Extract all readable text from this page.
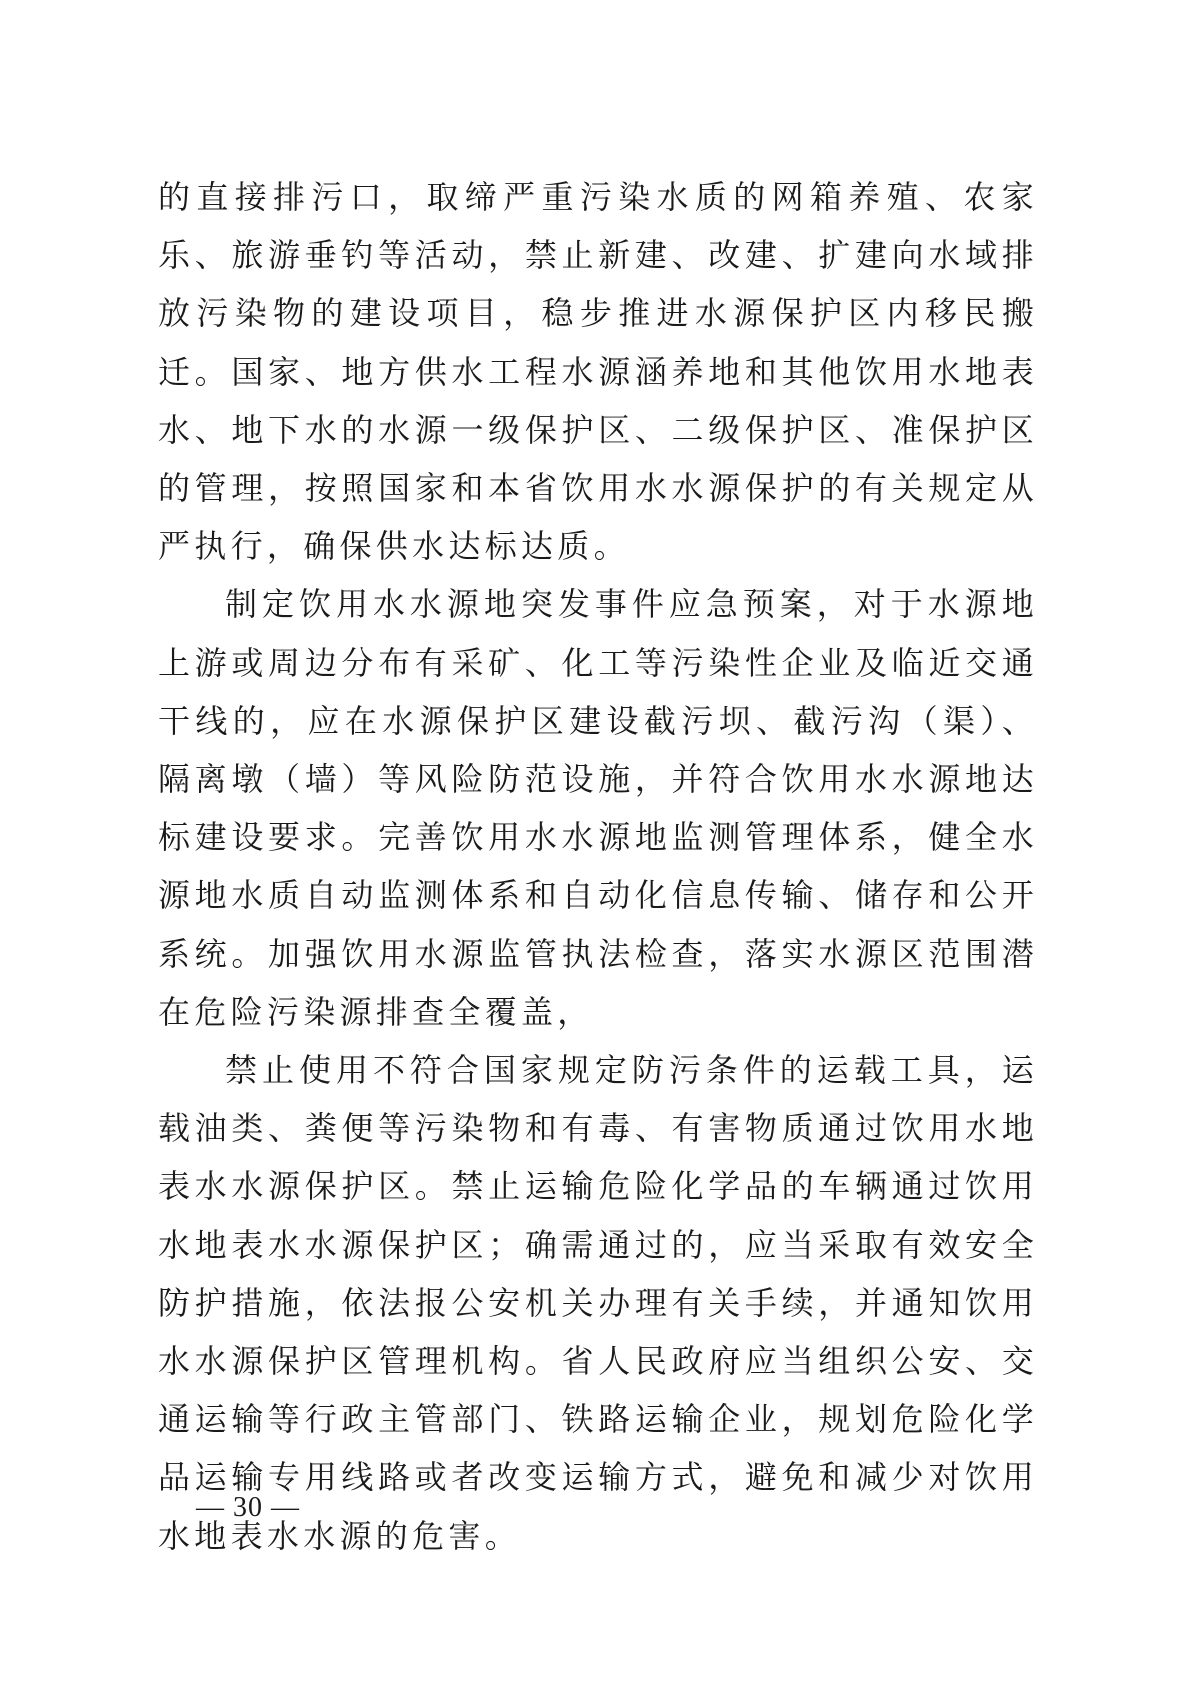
的直接排污口，取缔严重污染水质的网箱养殖、农家乐、旅游垂钓等活动，禁止新建、改建、扩建向水域排放污染物的建设项目，稳步推进水源保护区内移民搬迁。国家、地方供水工程水源涵养地和其他饮用水地表水、地下水的水源一级保护区、二级保护区、准保护区的管理，按照国家和本省饮用水水源保护的有关规定从严执行，确保供水达标达质。

制定饮用水水源地突发事件应急预案，对于水源地上游或周边分布有采矿、化工等污染性企业及临近交通干线的，应在水源保护区建设截污坝、截污沟（渠）、隔离墩（墙）等风险防范设施，并符合饮用水水源地达标建设要求。完善饮用水水源地监测管理体系，健全水源地水质自动监测体系和自动化信息传输、储存和公开系统。加强饮用水源监管执法检查，落实水源区范围潜在危险污染源排查全覆盖，

禁止使用不符合国家规定防污条件的运载工具，运载油类、粪便等污染物和有毒、有害物质通过饮用水地表水水源保护区。禁止运输危险化学品的车辆通过饮用水地表水水源保护区；确需通过的，应当采取有效安全防护措施，依法报公安机关办理有关手续，并通知饮用水水源保护区管理机构。省人民政府应当组织公安、交通运输等行政主管部门、铁路运输企业，规划危险化学品运输专用线路或者改变运输方式，避免和减少对饮用水地表水水源的危害。

— 30 —
